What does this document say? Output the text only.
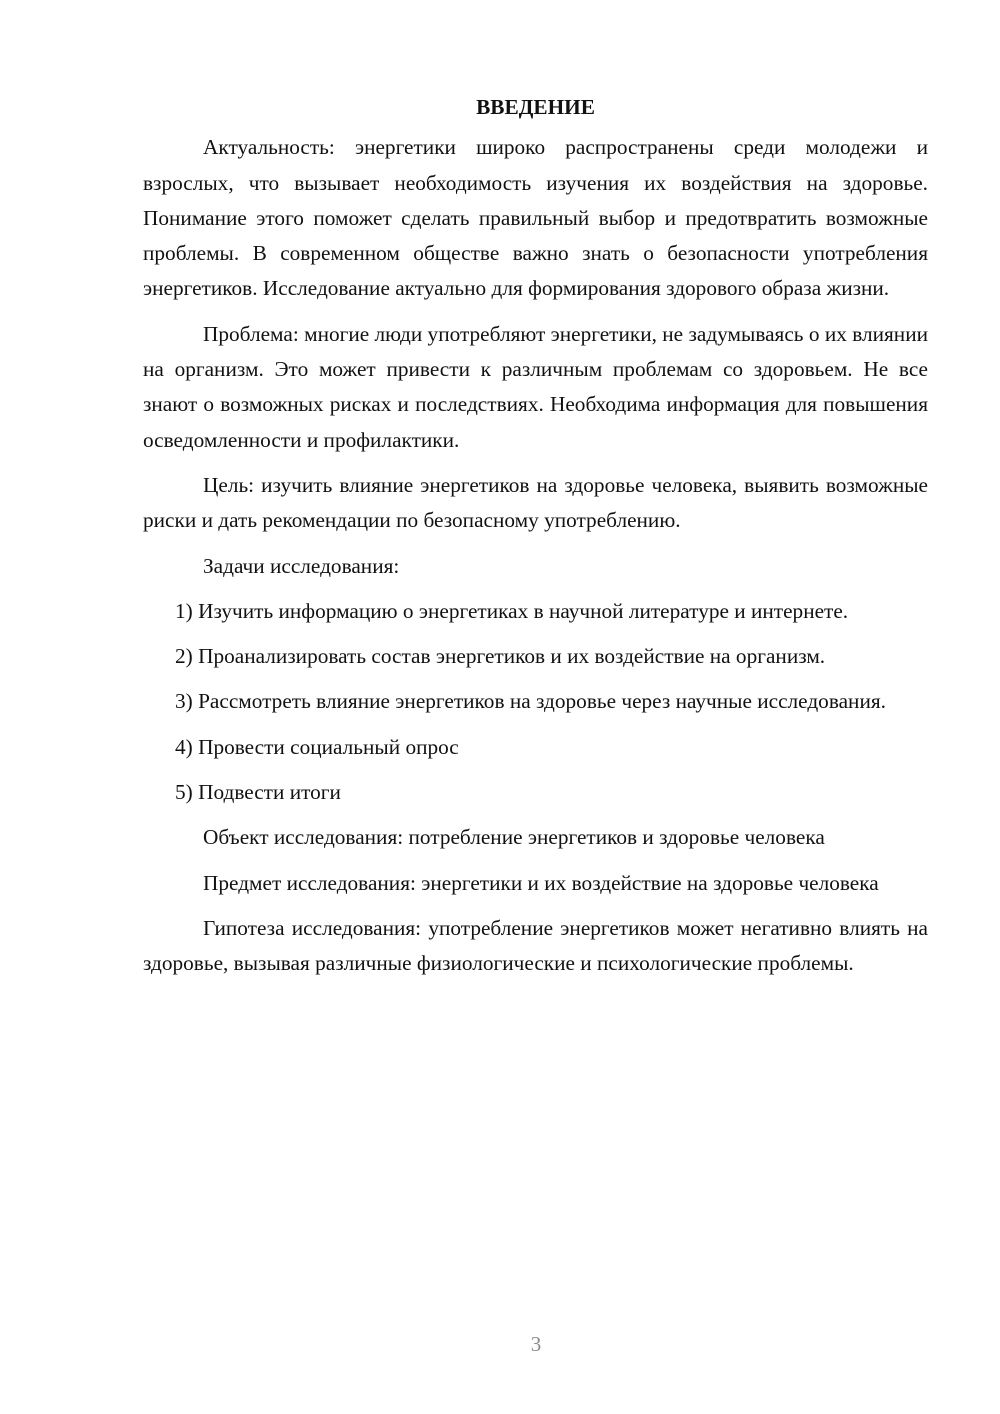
ВВЕДЕНИЕ

Актуальность: энергетики широко распространены среди молодежи и взрослых, что вызывает необходимость изучения их воздействия на здоровье. Понимание этого поможет сделать правильный выбор и предотвратить возможные проблемы. В современном обществе важно знать о безопасности употребления энергетиков. Исследование актуально для формирования здорового образа жизни.

Проблема: многие люди употребляют энергетики, не задумываясь о их влиянии на организм. Это может привести к различным проблемам со здоровьем. Не все знают о возможных рисках и последствиях. Необходима информация для повышения осведомленности и профилактики.

Цель: изучить влияние энергетиков на здоровье человека, выявить возможные риски и дать рекомендации по безопасному употреблению.

Задачи исследования:

1) Изучить информацию о энергетиках в научной литературе и интернете.

2) Проанализировать состав энергетиков и их воздействие на организм.

3) Рассмотреть влияние энергетиков на здоровье через научные исследования.

4) Провести социальный опрос

5) Подвести итоги

Объект исследования: потребление энергетиков и здоровье человека

Предмет исследования: энергетики и их воздействие на здоровье человека

Гипотеза исследования: употребление энергетиков может негативно влиять на здоровье, вызывая различные физиологические и психологические проблемы.

3
